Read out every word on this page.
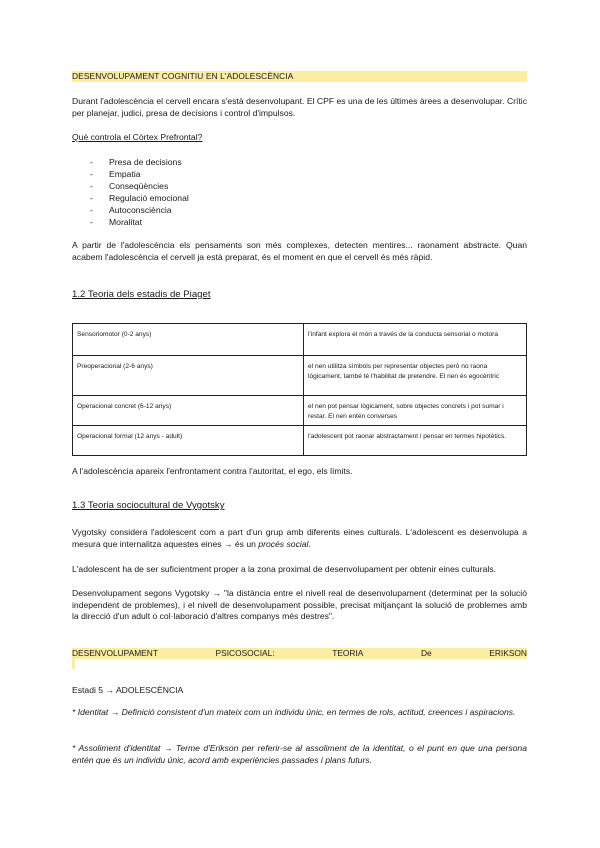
DESENVOLUPAMENT COGNITIU EN L'ADOLESCÈNCIA

Durant l'adolescència el cervell encara s'està desenvolupant. El CPF es una de les últimes àrees a desenvolupar. Crític per planejar, judici, presa de decisions i control d'impulsos.

Què controla el Còrtex Prefrontal?
- Presa de decisions
- Empatia
- Conseqüències
- Regulació emocional
- Autoconsciència
- Moralitat

A partir de l'adolescència els pensaments son més complexes, detecten mentires... raonament abstracte. Quan acabem l'adolescència el cervell ja està preparat, és el moment en que el cervell és més ràpid.

1.2 Teoria dels estadis de Piaget
Sensoriomotor (0-2 anys)	l'infant explora el món a través de la conducta sensorial o motora
Preoperacional (2-6 anys)	el nen utilitza símbols per representar objectes però no raona lògicament, també té l'habilitat de pretendre. El nen és egocèntric
Operacional concret (6-12 anys)	el nen pot pensar lògicament, sobre objectes concrets i pot sumar i restar. El nen entén converses
Operacional formal (12 anys - adult)	l'adolescent pot raonar abstractament i pensar en termes hipotètics.
A l'adolescència apareix l'enfrontament contra l'autoritat, el ego, els límits.
1.3 Teoria sociocultural de Vygotsky

Vygotsky considera l'adolescent com a part d'un grup amb diferents eines culturals. L'adolescent es desenvolupa a mesura que internalitza aquestes eines → és un procés social.

L'adolescent ha de ser suficientment proper a la zona proximal de desenvolupament per obtenir eines culturals.

Desenvolupament segons Vygotsky → "la distància entre el nivell real de desenvolupament (determinat per la solució independent de problemes), i el nivell de desenvolupament possible, precisat mitjançant la solució de problemes amb la direcció d'un adult o col·laboració d'altres companys més destres".

DESENVOLUPAMENT	PSICOSOCIAL:	TEORIA	De	ERIKSON
Estadi 5 → ADOLESCÈNCIA

* Identitat → Definició consistent d'un mateix com un individu únic, en termes de rols, actitud, creences i aspiracions.

* Assoliment d'identitat → Terme d'Erikson per referir-se al assoliment de la identitat, o el punt en que una persona entén que és un individu únic, acord amb experiències passades i plans futurs.
